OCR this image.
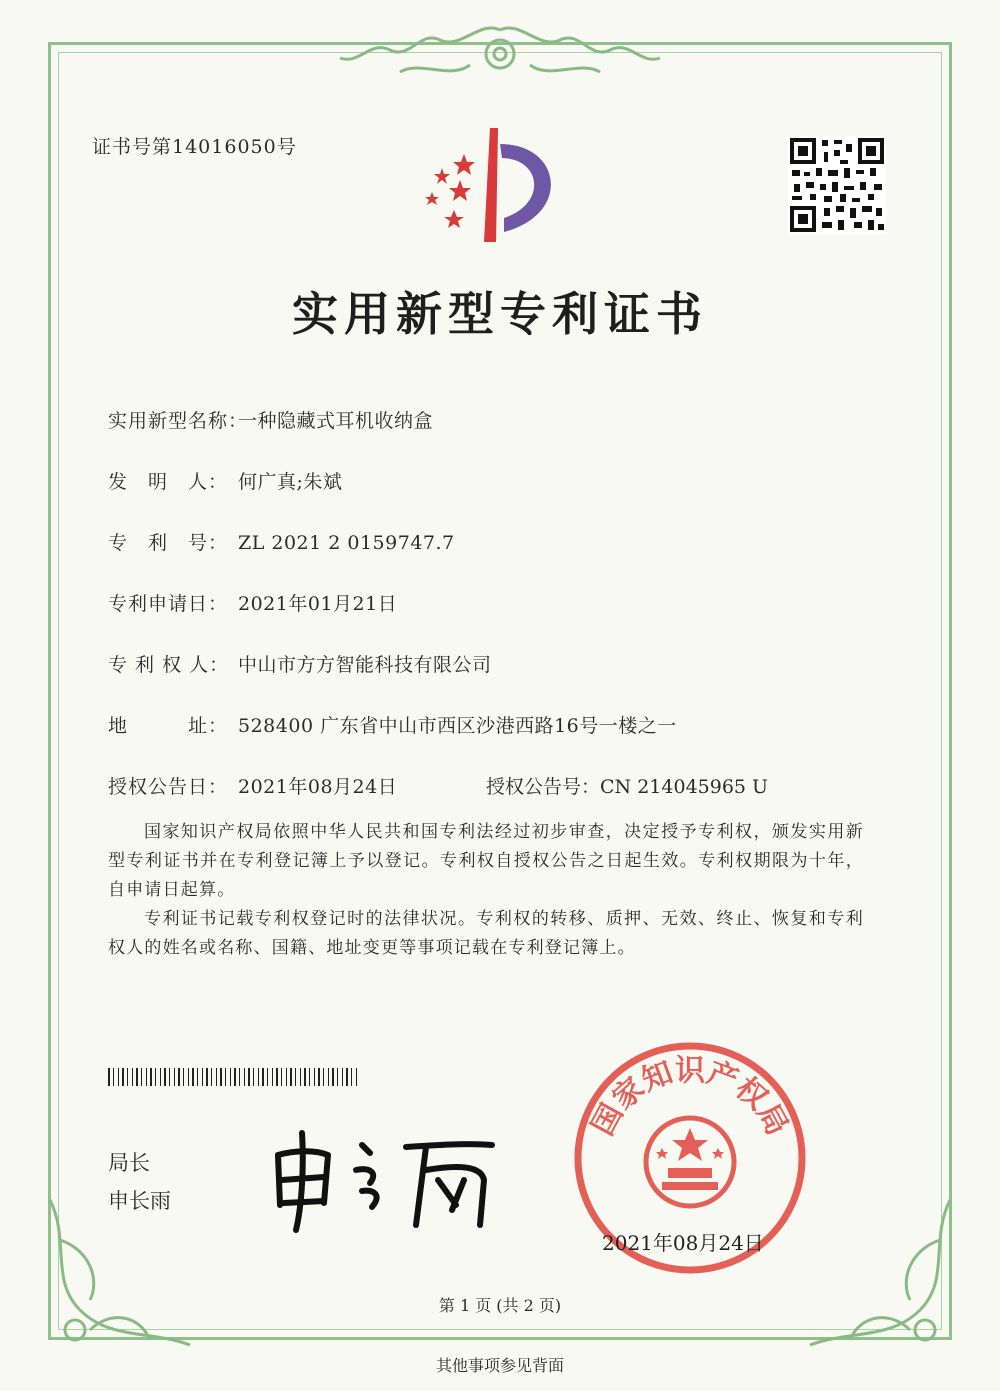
证书号第14016050号
实用新型专利证书
实用新型名称：一种隐藏式耳机收纳盒
发　明　人： 何广真;朱斌
专　利　号： ZL 2021 2 0159747.7
专利申请日： 2021年01月21日
专 利 权 人： 中山市方方智能科技有限公司
地　　　址： 528400 广东省中山市西区沙港西路16号一楼之一
授权公告日： 2021年08月24日	授权公告号：CN 214045965 U
国家知识产权局依照中华人民共和国专利法经过初步审查，决定授予专利权，颁发实用新型专利证书并在专利登记簿上予以登记。专利权自授权公告之日起生效。专利权期限为十年，自申请日起算。
专利证书记载专利权登记时的法律状况。专利权的转移、质押、无效、终止、恢复和专利权人的姓名或名称、国籍、地址变更等事项记载在专利登记簿上。
局长
申长雨
国家知识产权局
2021年08月24日
第 1 页 (共 2 页)
其他事项参见背面
